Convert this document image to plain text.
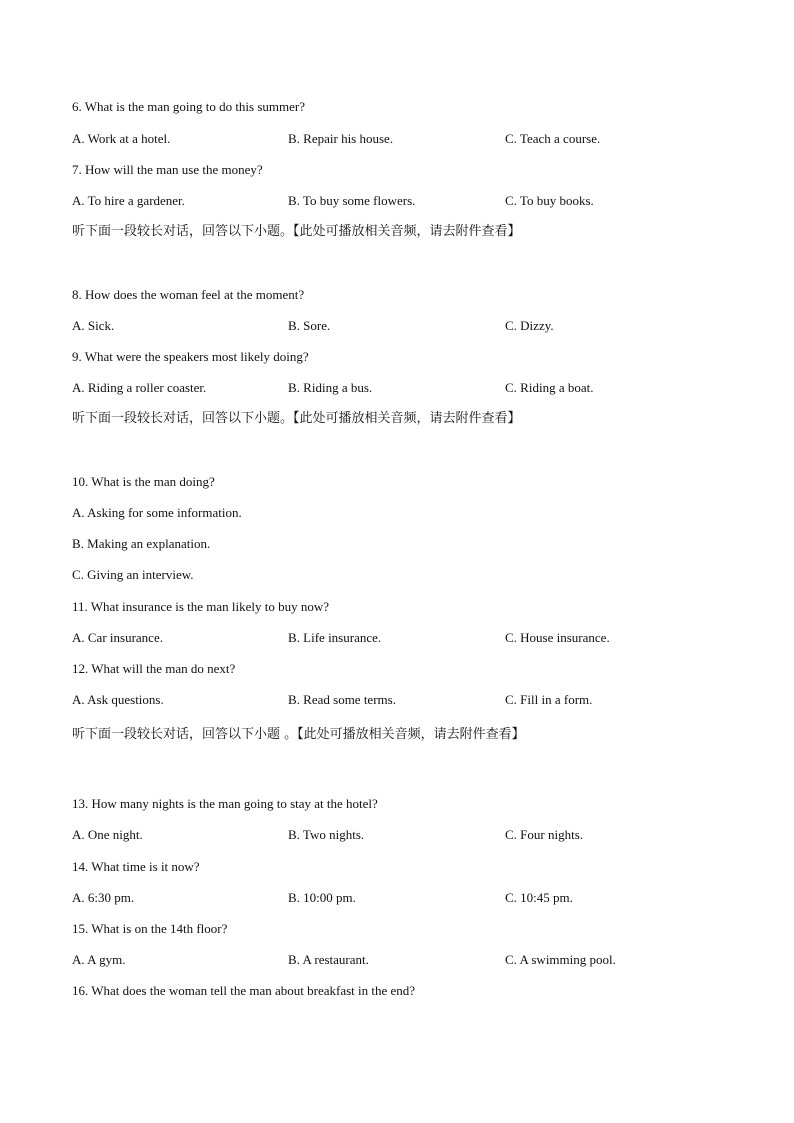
6. What is the man going to do this summer?
A. Work at a hotel.	B. Repair his house.	C. Teach a course.
7. How will the man use the money?
A. To hire a gardener.	B. To buy some flowers.	C. To buy books.
听下面一段较长对话，回答以下小题。【此处可播放相关音频，请去附件查看】
8. How does the woman feel at the moment?
A. Sick.	B. Sore.	C. Dizzy.
9. What were the speakers most likely doing?
A. Riding a roller coaster.	B. Riding a bus.	C. Riding a boat.
听下面一段较长对话，回答以下小题。【此处可播放相关音频，请去附件查看】
10. What is the man doing?
A. Asking for some information.
B. Making an explanation.
C. Giving an interview.
11. What insurance is the man likely to buy now?
A. Car insurance.	B. Life insurance.	C. House insurance.
12. What will the man do next?
A. Ask questions.	B. Read some terms.	C. Fill in a form.
听下面一段较长对话，回答以下小题 。【此处可播放相关音频，请去附件查看】
13. How many nights is the man going to stay at the hotel?
A. One night.	B. Two nights.	C. Four nights.
14. What time is it now?
A. 6:30 pm.	B. 10:00 pm.	C. 10:45 pm.
15. What is on the 14th floor?
A. A gym.	B. A restaurant.	C. A swimming pool.
16. What does the woman tell the man about breakfast in the end?
